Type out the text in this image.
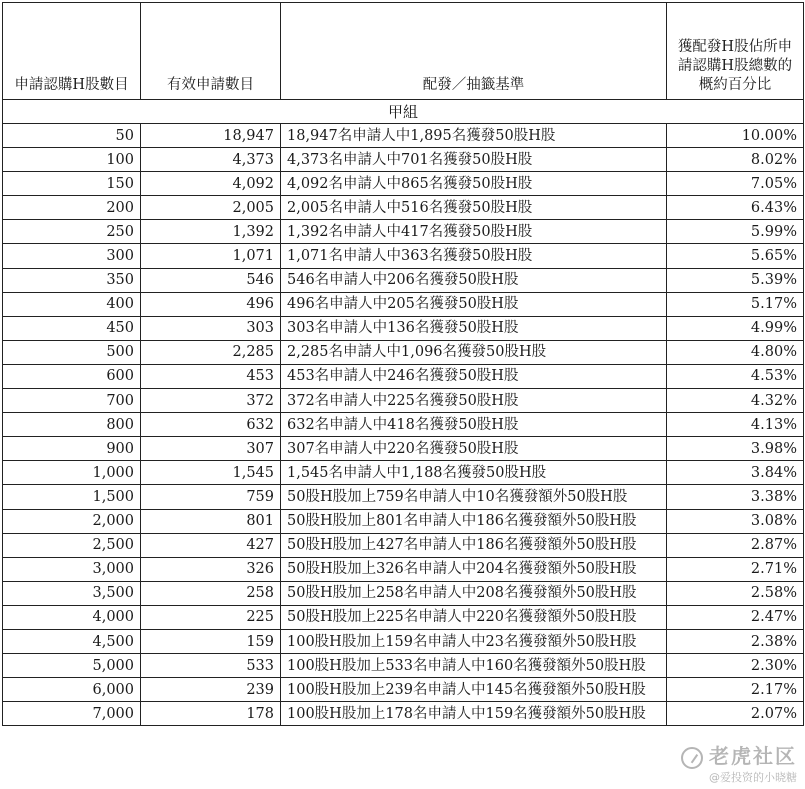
申請認購H股數目	有效申請數目	配發／抽籤基準	獲配發H股佔所申請認購H股總數的概約百分比
甲組			
50	18,947	18,947名申請人中1,895名獲發50股H股	10.00%
100	4,373	4,373名申請人中701名獲發50股H股	8.02%
150	4,092	4,092名申請人中865名獲發50股H股	7.05%
200	2,005	2,005名申請人中516名獲發50股H股	6.43%
250	1,392	1,392名申請人中417名獲發50股H股	5.99%
300	1,071	1,071名申請人中363名獲發50股H股	5.65%
350	546	546名申請人中206名獲發50股H股	5.39%
400	496	496名申請人中205名獲發50股H股	5.17%
450	303	303名申請人中136名獲發50股H股	4.99%
500	2,285	2,285名申請人中1,096名獲發50股H股	4.80%
600	453	453名申請人中246名獲發50股H股	4.53%
700	372	372名申請人中225名獲發50股H股	4.32%
800	632	632名申請人中418名獲發50股H股	4.13%
900	307	307名申請人中220名獲發50股H股	3.98%
1,000	1,545	1,545名申請人中1,188名獲發50股H股	3.84%
1,500	759	50股H股加上759名申請人中10名獲發額外50股H股	3.38%
2,000	801	50股H股加上801名申請人中186名獲發額外50股H股	3.08%
2,500	427	50股H股加上427名申請人中186名獲發額外50股H股	2.87%
3,000	326	50股H股加上326名申請人中204名獲發額外50股H股	2.71%
3,500	258	50股H股加上258名申請人中208名獲發額外50股H股	2.58%
4,000	225	50股H股加上225名申請人中220名獲發額外50股H股	2.47%
4,500	159	100股H股加上159名申請人中23名獲發額外50股H股	2.38%
5,000	533	100股H股加上533名申請人中160名獲發額外50股H股	2.30%
6,000	239	100股H股加上239名申請人中145名獲發額外50股H股	2.17%
7,000	178	100股H股加上178名申請人中159名獲發額外50股H股	2.07%
老虎社区
@爱投资的小晓糖
